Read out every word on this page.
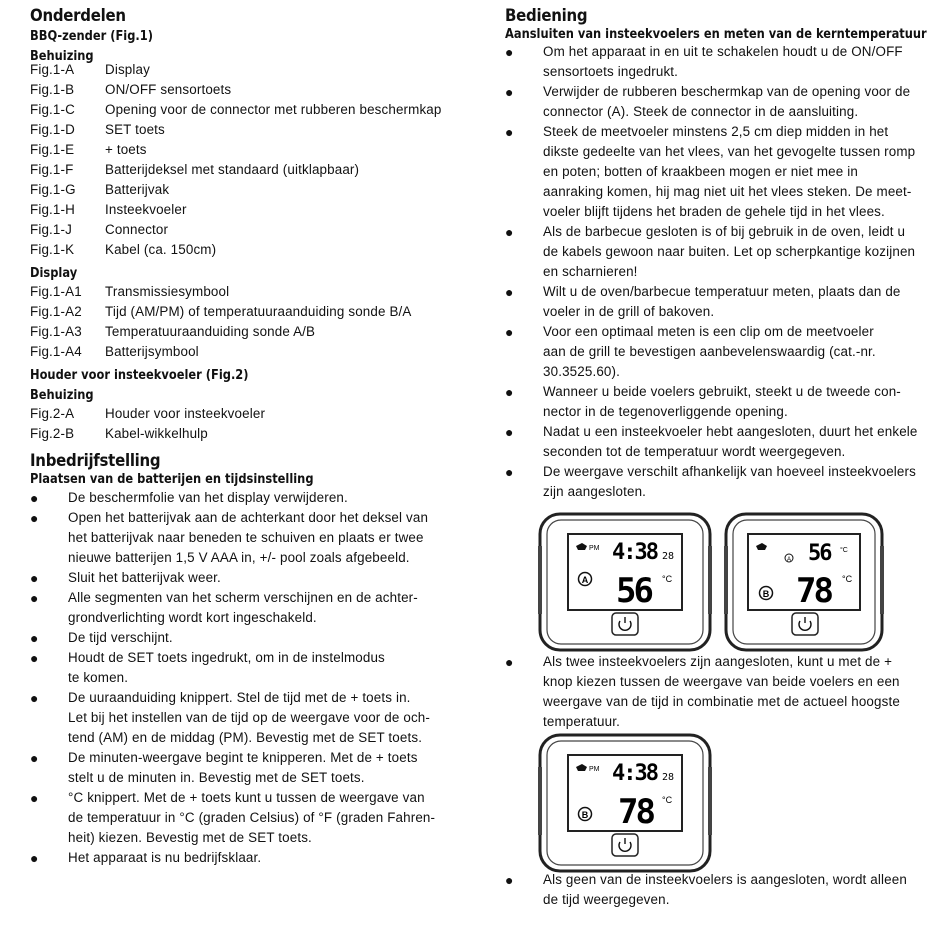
Onderdelen
BBQ-zender (Fig.1)
Behuizing
Fig.1-A	Display
Fig.1-B	ON/OFF sensortoets
Fig.1-C	Opening voor de connector met rubberen beschermkap
Fig.1-D	SET toets
Fig.1-E	+ toets
Fig.1-F	Batterijdeksel met standaard (uitklapbaar)
Fig.1-G	Batterijvak
Fig.1-H	Insteekvoeler
Fig.1-J	Connector
Fig.1-K	Kabel (ca. 150cm)
Display
Fig.1-A1	Transmissiesymbool
Fig.1-A2	Tijd (AM/PM) of temperatuuraanduiding sonde B/A
Fig.1-A3	Temperatuuraanduiding sonde A/B
Fig.1-A4	Batterijsymbool
Houder voor insteekvoeler (Fig.2)
Behuizing
Fig.2-A	Houder voor insteekvoeler
Fig.2-B	Kabel-wikkelhulp
Inbedrijfstelling
Plaatsen van de batterijen en tijdsinstelling
●	De beschermfolie van het display verwijderen.
●	Open het batterijvak aan de achterkant door het deksel van
het batterijvak naar beneden te schuiven en plaats er twee
nieuwe batterijen 1,5 V AAA in, +/- pool zoals afgebeeld.
●	Sluit het batterijvak weer.
●	Alle segmenten van het scherm verschijnen en de achter-
grondverlichting wordt kort ingeschakeld.
●	De tijd verschijnt.
●	Houdt de SET toets ingedrukt, om in de instelmodus
te komen.
●	De uuraanduiding knippert. Stel de tijd met de + toets in.
Let bij het instellen van de tijd op de weergave voor de och-
tend (AM) en de middag (PM). Bevestig met de SET toets.
●	De minuten-weergave begint te knipperen. Met de + toets
stelt u de minuten in. Bevestig met de SET toets.
●	°C knippert. Met de + toets kunt u tussen de weergave van
de temperatuur in °C (graden Celsius) of °F (graden Fahren-
heit) kiezen. Bevestig met de SET toets.
●	Het apparaat is nu bedrijfsklaar.
Bediening
Aansluiten van insteekvoelers en meten van de kerntemperatuur
●	Om het apparaat in en uit te schakelen houdt u de ON/OFF
sensortoets ingedrukt.
●	Verwijder de rubberen beschermkap van de opening voor de
connector (A). Steek de connector in de aansluiting.
●	Steek de meetvoeler minstens 2,5 cm diep midden in het
dikste gedeelte van het vlees, van het gevogelte tussen romp
en poten; botten of kraakbeen mogen er niet mee in
aanraking komen, hij mag niet uit het vlees steken. De meet-
voeler blijft tijdens het braden de gehele tijd in het vlees.
●	Als de barbecue gesloten is of bij gebruik in de oven, leidt u
de kabels gewoon naar buiten. Let op scherpkantige kozijnen
en scharnieren!
●	Wilt u de oven/barbecue temperatuur meten, plaats dan de
voeler in de grill of bakoven.
●	Voor een optimaal meten is een clip om de meetvoeler
aan de grill te bevestigen aanbevelenswaardig (cat.-nr.
30.3525.60).
●	Wanneer u beide voelers gebruikt, steekt u de tweede con-
nector in de tegenoverliggende opening.
●	Nadat u een insteekvoeler hebt aangesloten, duurt het enkele
seconden tot de temperatuur wordt weergegeven.
●	De weergave verschilt afhankelijk van hoeveel insteekvoelers
zijn aangesloten.
PM 4:38 28
A 56 °C
A 56 °C
B 78 °C
PM 4:38 28
B 78 °C
●	Als twee insteekvoelers zijn aangesloten, kunt u met de +
knop kiezen tussen de weergave van beide voelers en een
weergave van de tijd in combinatie met de actueel hoogste
temperatuur.
●	Als geen van de insteekvoelers is aangesloten, wordt alleen
de tijd weergegeven.
